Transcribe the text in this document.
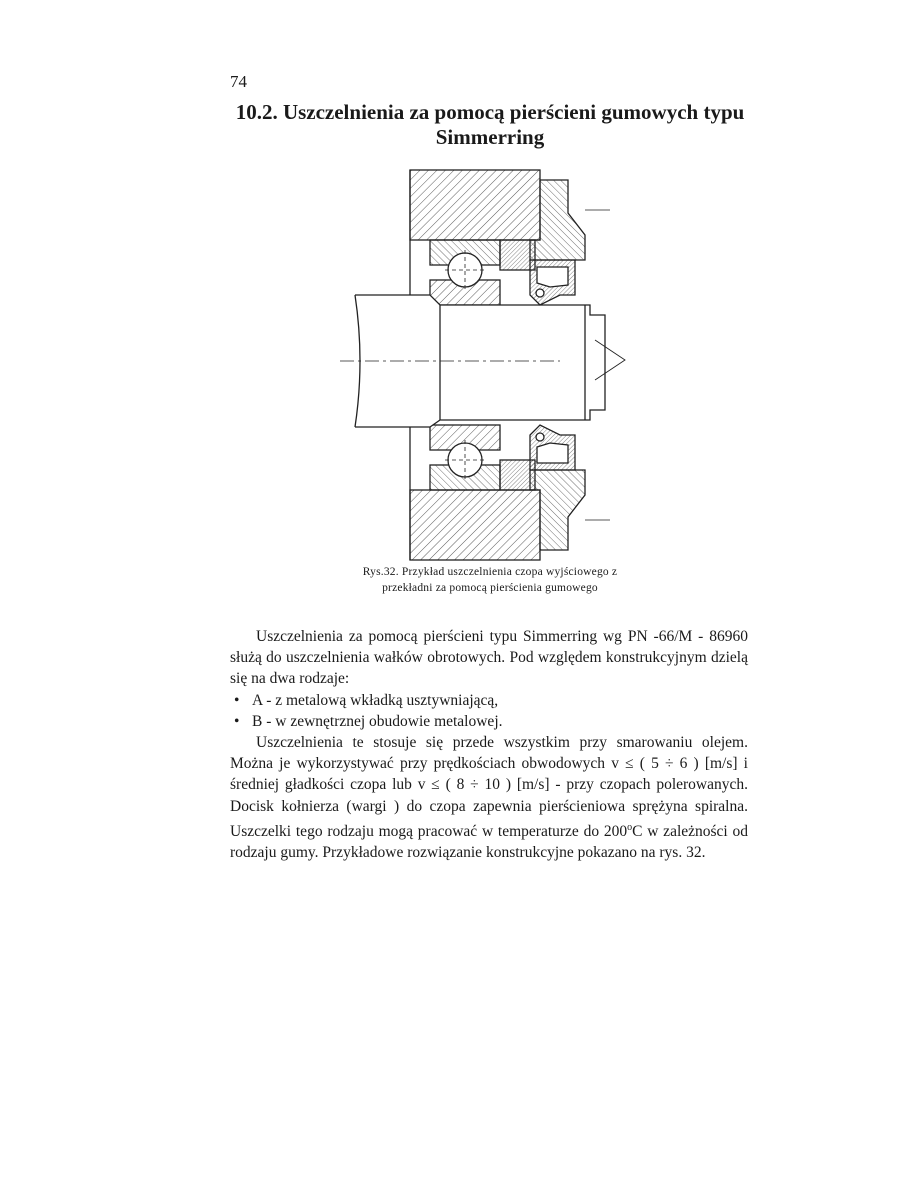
74
10.2. Uszczelnienia za pomocą pierścieni gumowych typu
Simmerring
Rys.32. Przykład uszczelnienia czopa wyjściowego z
przekładni za pomocą pierścienia gumowego

Uszczelnienia za pomocą pierścieni typu Simmerring wg PN -66/M - 86960 służą do uszczelnienia wałków obrotowych. Pod względem konstrukcyjnym dzielą się na dwa rodzaje:

• A - z metalową wkładką usztywniającą,
• B - w zewnętrznej obudowie metalowej.

Uszczelnienia te stosuje się przede wszystkim przy smarowaniu olejem. Można je wykorzystywać przy prędkościach obwodowych v ≤ ( 5 ÷ 6 ) [m/s] i średniej gładkości czopa lub v ≤ ( 8 ÷ 10 ) [m/s] - przy czopach polerowanych. Docisk kołnierza (wargi ) do czopa zapewnia pierścieniowa sprężyna spiralna. Uszczelki tego rodzaju mogą pracować w temperaturze do 200$^o$C w zależności od rodzaju gumy. Przykładowe rozwiązanie konstrukcyjne pokazano na rys. 32.
